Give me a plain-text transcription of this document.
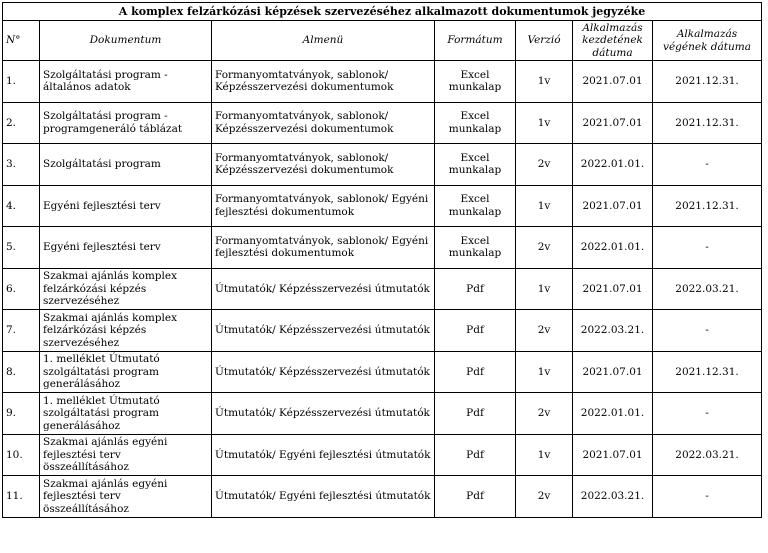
A komplex felzárkózási képzések szervezéséhez alkalmazott dokumentumok jegyzéke
N°	Dokumentum	Almenü	Formátum	Verzió	Alkalmazás kezdetének dátuma	Alkalmazás végének dátuma
1.	Szolgáltatási program - általános adatok	Formanyomtatványok, sablonok/ Képzésszervezési dokumentumok	Excel munkalap	1v	2021.07.01	2021.12.31.
2.	Szolgáltatási program - programgeneráló táblázat	Formanyomtatványok, sablonok/ Képzésszervezési dokumentumok	Excel munkalap	1v	2021.07.01	2021.12.31.
3.	Szolgáltatási program	Formanyomtatványok, sablonok/ Képzésszervezési dokumentumok	Excel munkalap	2v	2022.01.01.	-
4.	Egyéni fejlesztési terv	Formanyomtatványok, sablonok/ Egyéni fejlesztési dokumentumok	Excel munkalap	1v	2021.07.01	2021.12.31.
5.	Egyéni fejlesztési terv	Formanyomtatványok, sablonok/ Egyéni fejlesztési dokumentumok	Excel munkalap	2v	2022.01.01.	-
6.	Szakmai ajánlás komplex felzárkózási képzés szervezéséhez	Útmutatók/ Képzésszervezési útmutatók	Pdf	1v	2021.07.01	2022.03.21.
7.	Szakmai ajánlás komplex felzárkózási képzés szervezéséhez	Útmutatók/ Képzésszervezési útmutatók	Pdf	2v	2022.03.21.	-
8.	1. melléklet Útmutató szolgáltatási program generálásához	Útmutatók/ Képzésszervezési útmutatók	Pdf	1v	2021.07.01	2021.12.31.
9.	1. melléklet Útmutató szolgáltatási program generálásához	Útmutatók/ Képzésszervezési útmutatók	Pdf	2v	2022.01.01.	-
10.	Szakmai ajánlás egyéni fejlesztési terv összeállításához	Útmutatók/ Egyéni fejlesztési útmutatók	Pdf	1v	2021.07.01	2022.03.21.
11.	Szakmai ajánlás egyéni fejlesztési terv összeállításához	Útmutatók/ Egyéni fejlesztési útmutatók	Pdf	2v	2022.03.21.	-
